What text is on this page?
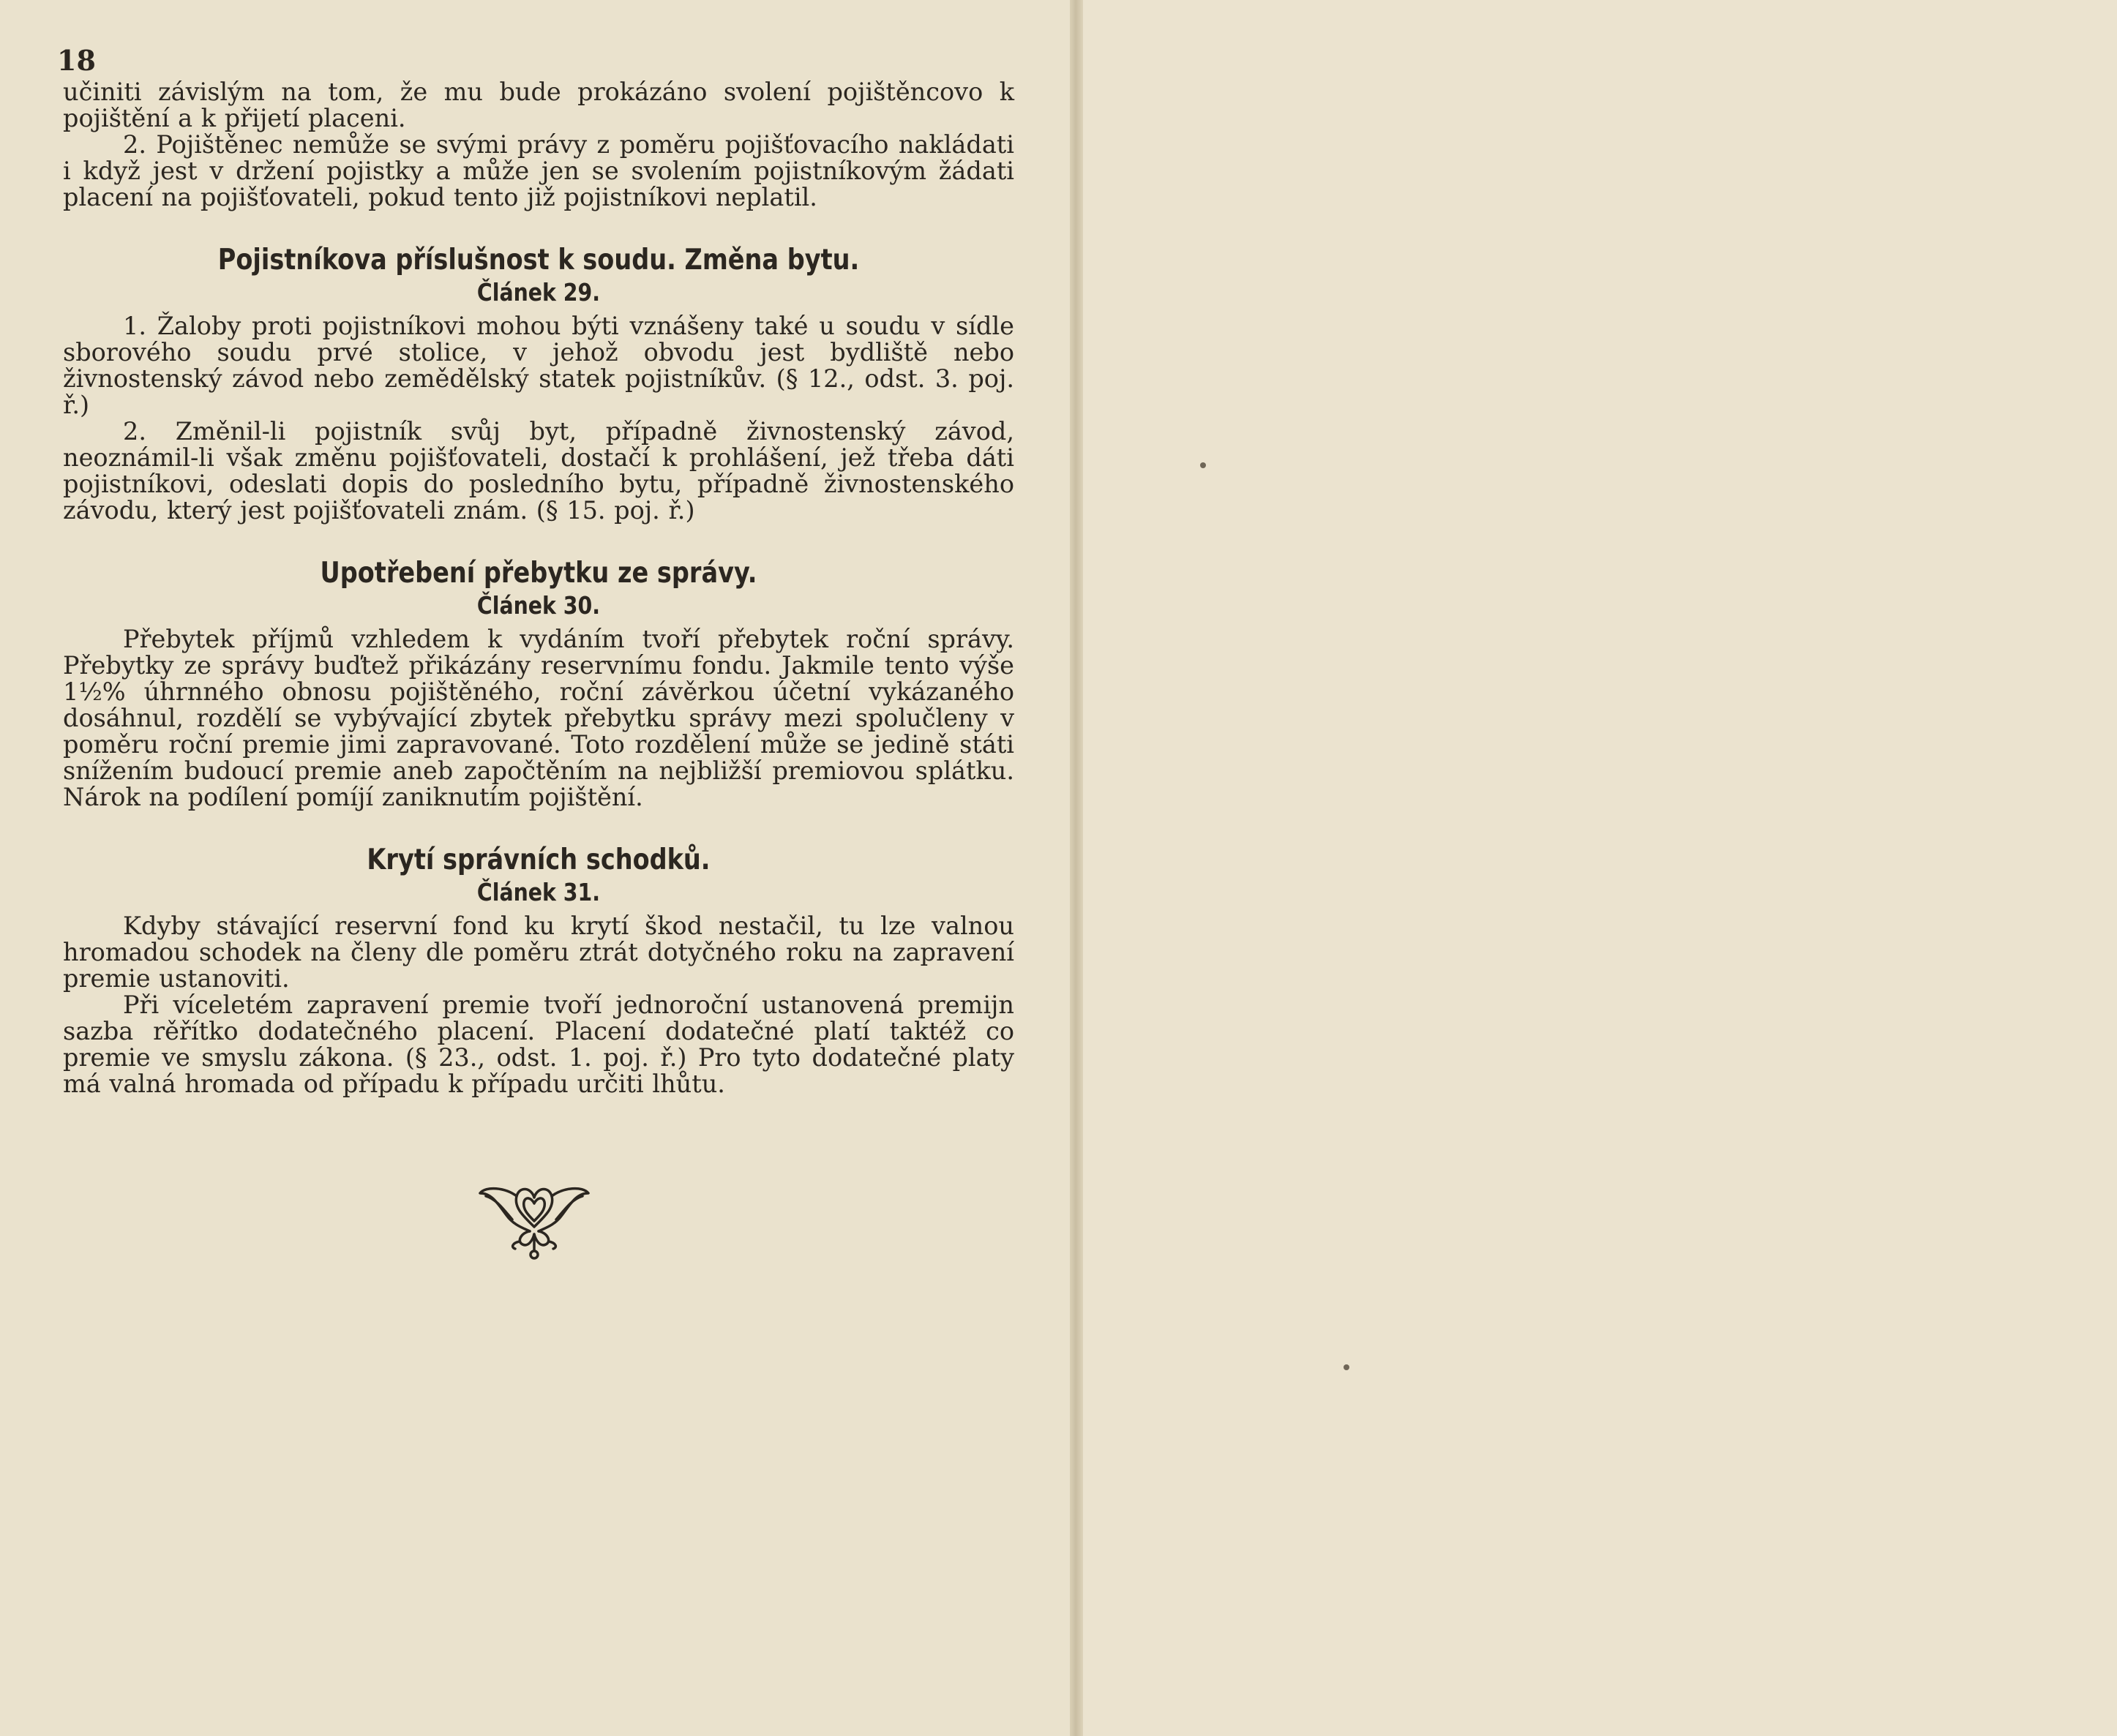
18

učiniti závislým na tom, že mu bude prokázáno svolení pojištěncovo k pojištění a k přijetí placeni.

2. Pojištěnec nemůže se svými právy z poměru pojišťovacího nakládati i když jest v držení pojistky a může jen se svolením pojistníkovým žádati placení na pojišťovateli, pokud tento již pojistníkovi neplatil.

Pojistníkova příslušnost k soudu. Změna bytu.
Článek 29.

1. Žaloby proti pojistníkovi mohou býti vznášeny také u soudu v sídle sborového soudu prvé stolice, v jehož obvodu jest bydliště nebo živnostenský závod nebo zemědělský statek pojistníkův. (§ 12., odst. 3. poj. ř.)

2. Změnil-li pojistník svůj byt, případně živnostenský závod, neoznámil-li však změnu pojišťovateli, dostačí k prohlášení, jež třeba dáti pojistníkovi, odeslati dopis do posledního bytu, případně živnostenského závodu, který jest pojišťovateli znám. (§ 15. poj. ř.)

Upotřebení přebytku ze správy.
Článek 30.

Přebytek příjmů vzhledem k vydáním tvoří přebytek roční správy. Přebytky ze správy buďtež přikázány reservnímu fondu. Jakmile tento výše 1½% úhrnného obnosu pojištěného, roční závěrkou účetní vykázaného dosáhnul, rozdělí se vybývající zbytek přebytku správy mezi spolučleny v poměru roční premie jimi zapravované. Toto rozdělení může se jedině státi snížením budoucí premie aneb započtěním na nejbližší premiovou splátku. Nárok na podílení pomíjí zaniknutím pojištění.

Krytí správních schodků.
Článek 31.

Kdyby stávající reservní fond ku krytí škod nestačil, tu lze valnou hromadou schodek na členy dle poměru ztrát dotyčného roku na zapravení premie ustanoviti.

Při víceletém zapravení premie tvoří jednoroční ustanovená premijn sazba rěřítko dodatečného placení. Placení dodatečné platí taktéž co premie ve smyslu zákona. (§ 23., odst. 1. poj. ř.) Pro tyto dodatečné platy má valná hromada od případu k případu určiti lhůtu.
